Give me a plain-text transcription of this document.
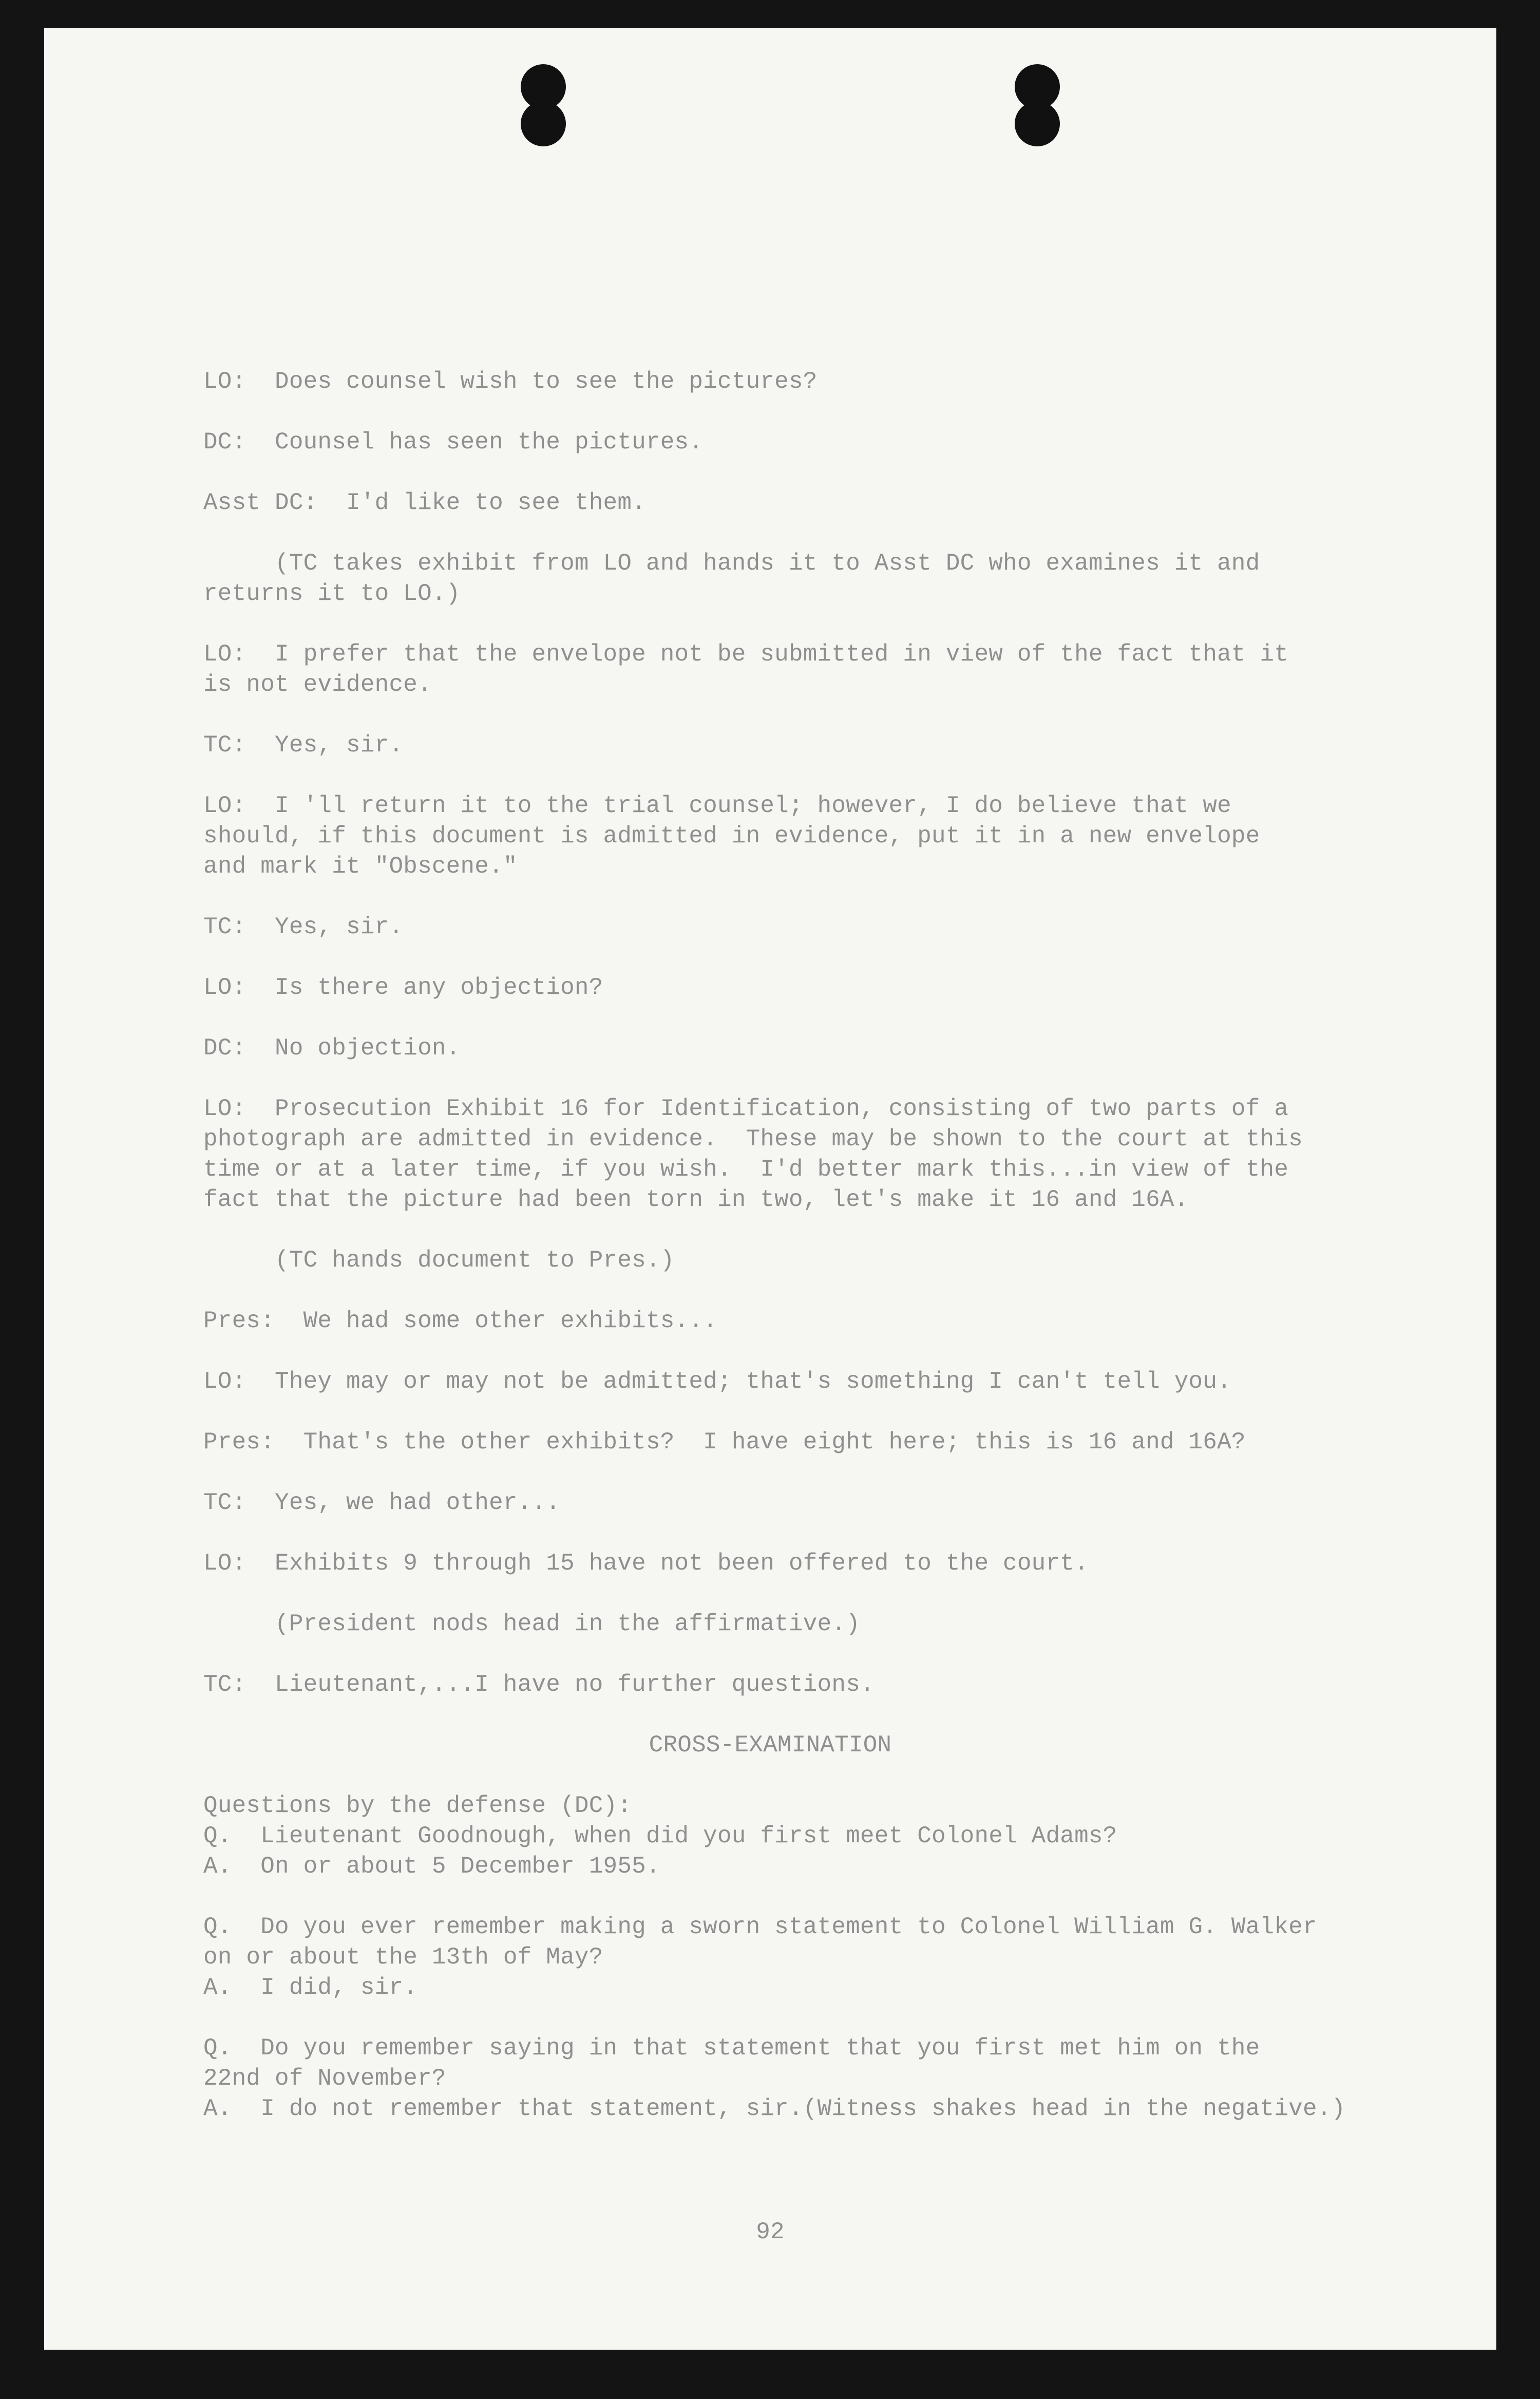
LO:  Does counsel wish to see the pictures?
DC:  Counsel has seen the pictures.
Asst DC:  I'd like to see them.
(TC takes exhibit from LO and hands it to Asst DC who examines it and
returns it to LO.)
LO:  I prefer that the envelope not be submitted in view of the fact that it
is not evidence.
TC:  Yes, sir.
LO:  I 'll return it to the trial counsel; however, I do believe that we
should, if this document is admitted in evidence, put it in a new envelope
and mark it "Obscene."
TC:  Yes, sir.
LO:  Is there any objection?
DC:  No objection.
LO:  Prosecution Exhibit 16 for Identification, consisting of two parts of a
photograph are admitted in evidence.  These may be shown to the court at this
time or at a later time, if you wish.  I'd better mark this...in view of the
fact that the picture had been torn in two, let's make it 16 and 16A.
(TC hands document to Pres.)
Pres:  We had some other exhibits...
LO:  They may or may not be admitted; that's something I can't tell you.
Pres:  That's the other exhibits?  I have eight here; this is 16 and 16A?
TC:  Yes, we had other...
LO:  Exhibits 9 through 15 have not been offered to the court.
(President nods head in the affirmative.)
TC:  Lieutenant,...I have no further questions.
CROSS-EXAMINATION
Questions by the defense (DC):
Q.  Lieutenant Goodnough, when did you first meet Colonel Adams?
A.  On or about 5 December 1955.
Q.  Do you ever remember making a sworn statement to Colonel William G. Walker
on or about the 13th of May?
A.  I did, sir.
Q.  Do you remember saying in that statement that you first met him on the
22nd of November?
A.  I do not remember that statement, sir.(Witness shakes head in the negative.)
92
